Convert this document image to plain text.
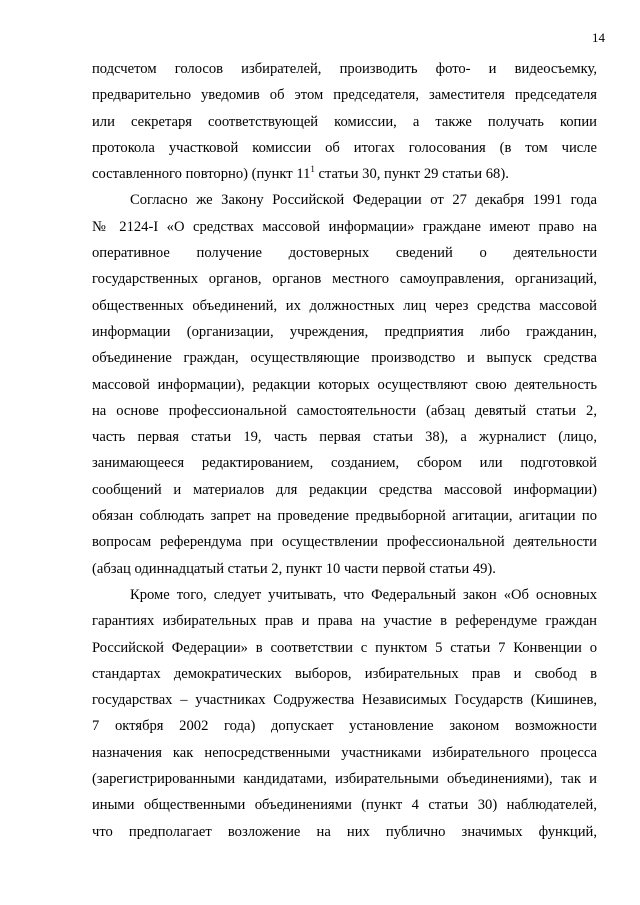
14
подсчетом голосов избирателей, производить фото- и видеосъемку,
предварительно уведомив об этом председателя, заместителя председателя
или секретаря соответствующей комиссии, а также получать копии
протокола участковой комиссии об итогах голосования (в том числе
составленного повторно) (пункт $11^1$ статьи 30, пункт 29 статьи 68).
Согласно же Закону Российской Федерации от 27 декабря 1991 года
№ 2124-I «О средствах массовой информации» граждане имеют право на
оперативное получение достоверных сведений о деятельности
государственных органов, органов местного самоуправления, организаций,
общественных объединений, их должностных лиц через средства массовой
информации (организации, учреждения, предприятия либо гражданин,
объединение граждан, осуществляющие производство и выпуск средства
массовой информации), редакции которых осуществляют свою деятельность
на основе профессиональной самостоятельности (абзац девятый статьи 2,
часть первая статьи 19, часть первая статьи 38), а журналист (лицо,
занимающееся редактированием, созданием, сбором или подготовкой
сообщений и материалов для редакции средства массовой информации)
обязан соблюдать запрет на проведение предвыборной агитации, агитации по
вопросам референдума при осуществлении профессиональной деятельности
(абзац одиннадцатый статьи 2, пункт 10 части первой статьи 49).
Кроме того, следует учитывать, что Федеральный закон «Об основных
гарантиях избирательных прав и права на участие в референдуме граждан
Российской Федерации» в соответствии с пунктом 5 статьи 7 Конвенции о
стандартах демократических выборов, избирательных прав и свобод в
государствах – участниках Содружества Независимых Государств (Кишинев,
7 октября 2002 года) допускает установление законом возможности
назначения как непосредственными участниками избирательного процесса
(зарегистрированными кандидатами, избирательными объединениями), так и
иными общественными объединениями (пункт 4 статьи 30) наблюдателей,
что предполагает возложение на них публично значимых функций,
